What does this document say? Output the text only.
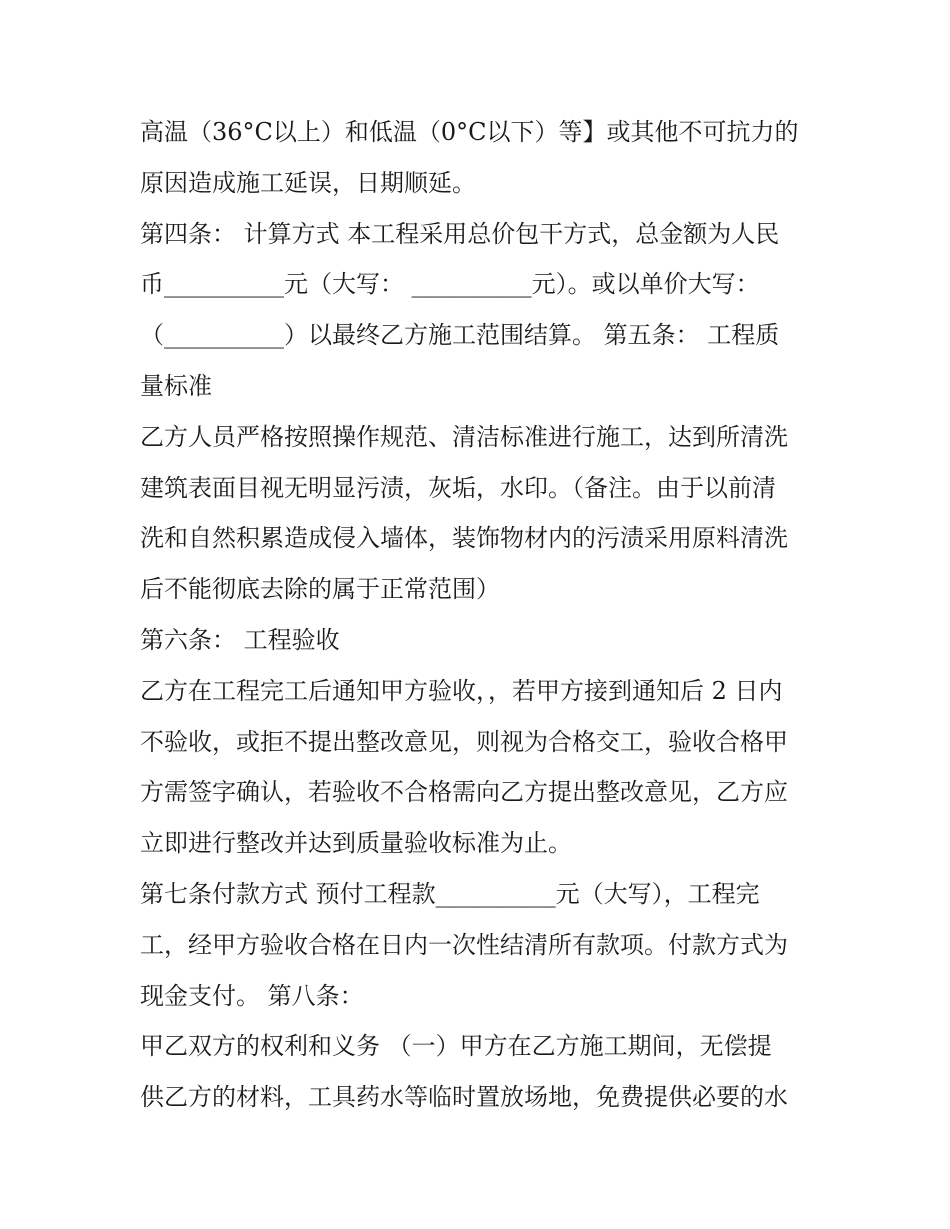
高温（36°C以上）和低温（0°C以下）等】或其他不可抗力的
原因造成施工延误，日期顺延。
第四条： 计算方式 本工程采用总价包干方式，总金额为人民
币__________元（大写： __________元）。或以单价大写：
（__________）以最终乙方施工范围结算。 第五条： 工程质
量标准
乙方人员严格按照操作规范、清洁标准进行施工，达到所清洗
建筑表面目视无明显污渍，灰垢，水印。（备注。由于以前清
洗和自然积累造成侵入墙体，装饰物材内的污渍采用原料清洗
后不能彻底去除的属于正常范围）
第六条： 工程验收
乙方在工程完工后通知甲方验收，，若甲方接到通知后 2 日内
不验收，或拒不提出整改意见，则视为合格交工，验收合格甲
方需签字确认，若验收不合格需向乙方提出整改意见，乙方应
立即进行整改并达到质量验收标准为止。
第七条付款方式 预付工程款__________元（大写），工程完
工，经甲方验收合格在日内一次性结清所有款项。付款方式为
现金支付。 第八条：
甲乙双方的权利和义务 （一）甲方在乙方施工期间，无偿提
供乙方的材料，工具药水等临时置放场地，免费提供必要的水
